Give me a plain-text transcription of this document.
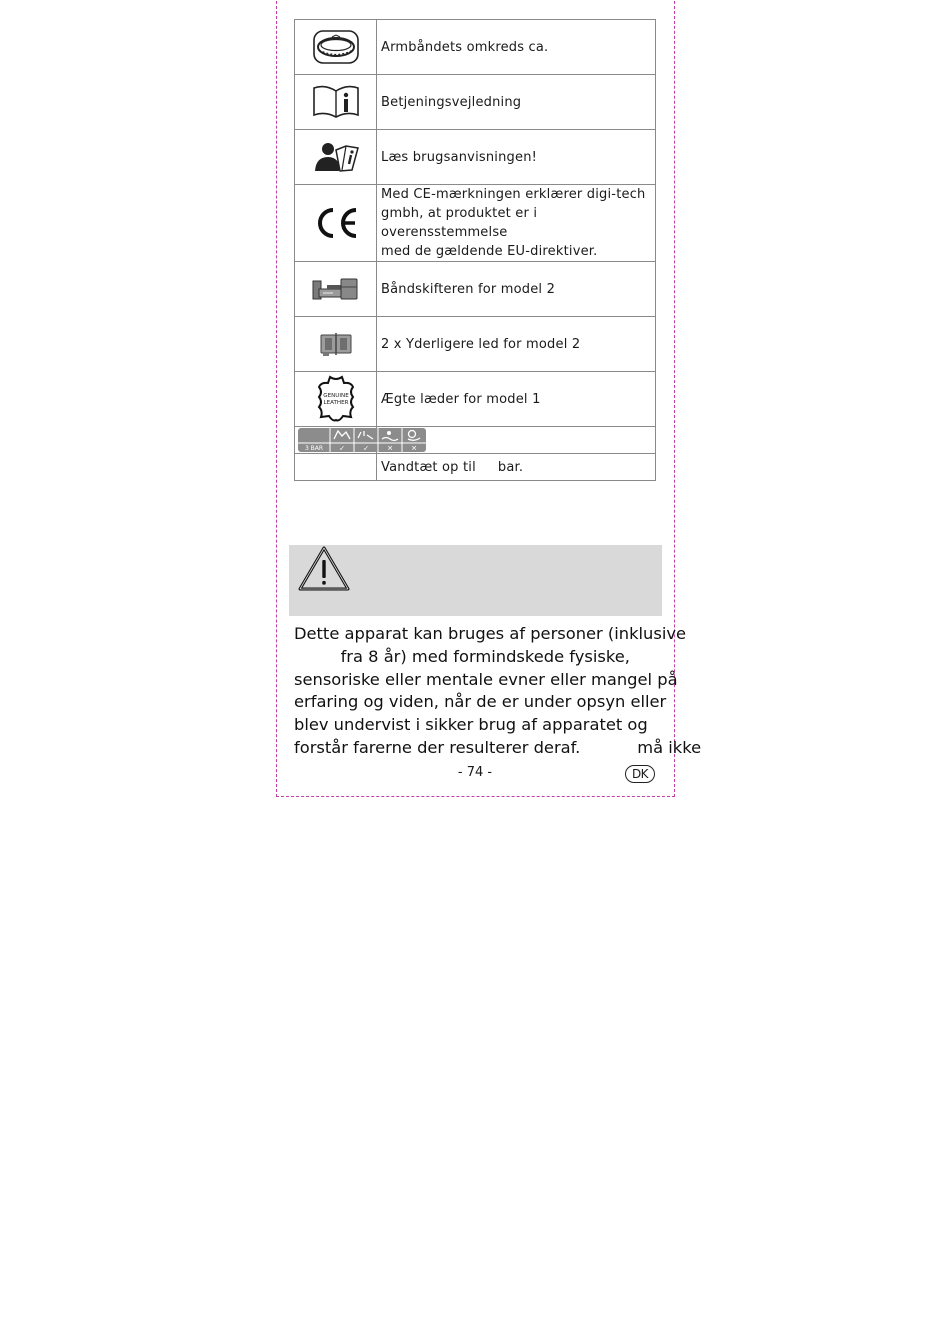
	Armbåndets omkreds ca.

	Betjeningsvejledning

	Læs brugsanvisningen!

Med CE-mærkningen erklærer digi-tech
gmbh, at produktet er i overensstemmelse
med de gældende EU-direktiver.

	Båndskifteren for model 2

	2 x Yderligere led for model 2

GENUINE
LEATHER	Ægte læder for model 1

3 BAR ✓ ✓ ✕ ✕	

	Vandtæt op til bar.

Dette apparat kan bruges af personer (inklusive

fra 8 år) med formindskede fysiske,

sensoriske eller mentale evner eller mangel på

erfaring og viden, når de er under opsyn eller

blev undervist i sikker brug af apparatet og

forstår farerne der resulterer deraf.           må ikke

- 74 -	DK
